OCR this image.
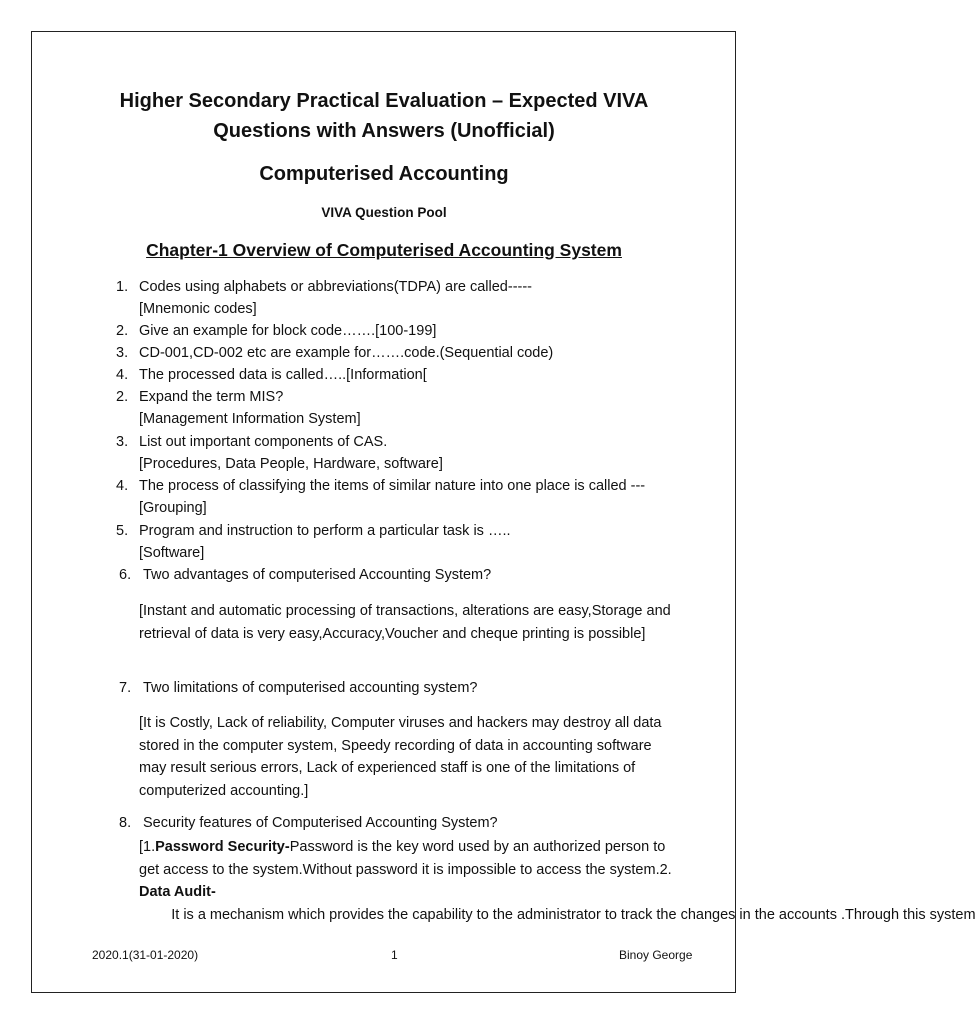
Higher Secondary Practical Evaluation – Expected VIVA
Questions with Answers (Unofficial)
Computerised Accounting
VIVA Question Pool
Chapter-1 Overview of Computerised Accounting System
1. Codes using alphabets or abbreviations(TDPA) are called-----
[Mnemonic codes]
2. Give an example for block code…….[100-199]
3. CD-001,CD-002 etc are example for…….code.(Sequential code)
4. The processed data is called…..[Information[
2. Expand the term MIS?
[Management Information System]
3. List out important components of CAS.
[Procedures, Data People, Hardware, software]
4. The process of classifying the items of similar nature into one place is called ---
[Grouping]
5. Program and instruction to perform a particular task is …..
[Software]
6. Two advantages of computerised Accounting System?
[Instant and automatic processing of transactions, alterations are easy,Storage and retrieval of data is very easy,Accuracy,Voucher and cheque printing is possible]
7. Two limitations of computerised accounting system?
[It is Costly, Lack of reliability, Computer viruses and hackers may destroy all data stored in the computer system, Speedy recording of data in accounting software may result serious errors, Lack of experienced staff is one of the limitations of computerized accounting.]
8. Security features of Computerised Accounting System?
[1.Password Security-Password is the key word used by an authorized person to get access to the system.Without password it is impossible to access the system.2. Data Audit-        It is a mechanism which provides the capability to the administrator to track the changes in the accounts .Through this system
2020.1(31-01-2020)	1	Binoy George
